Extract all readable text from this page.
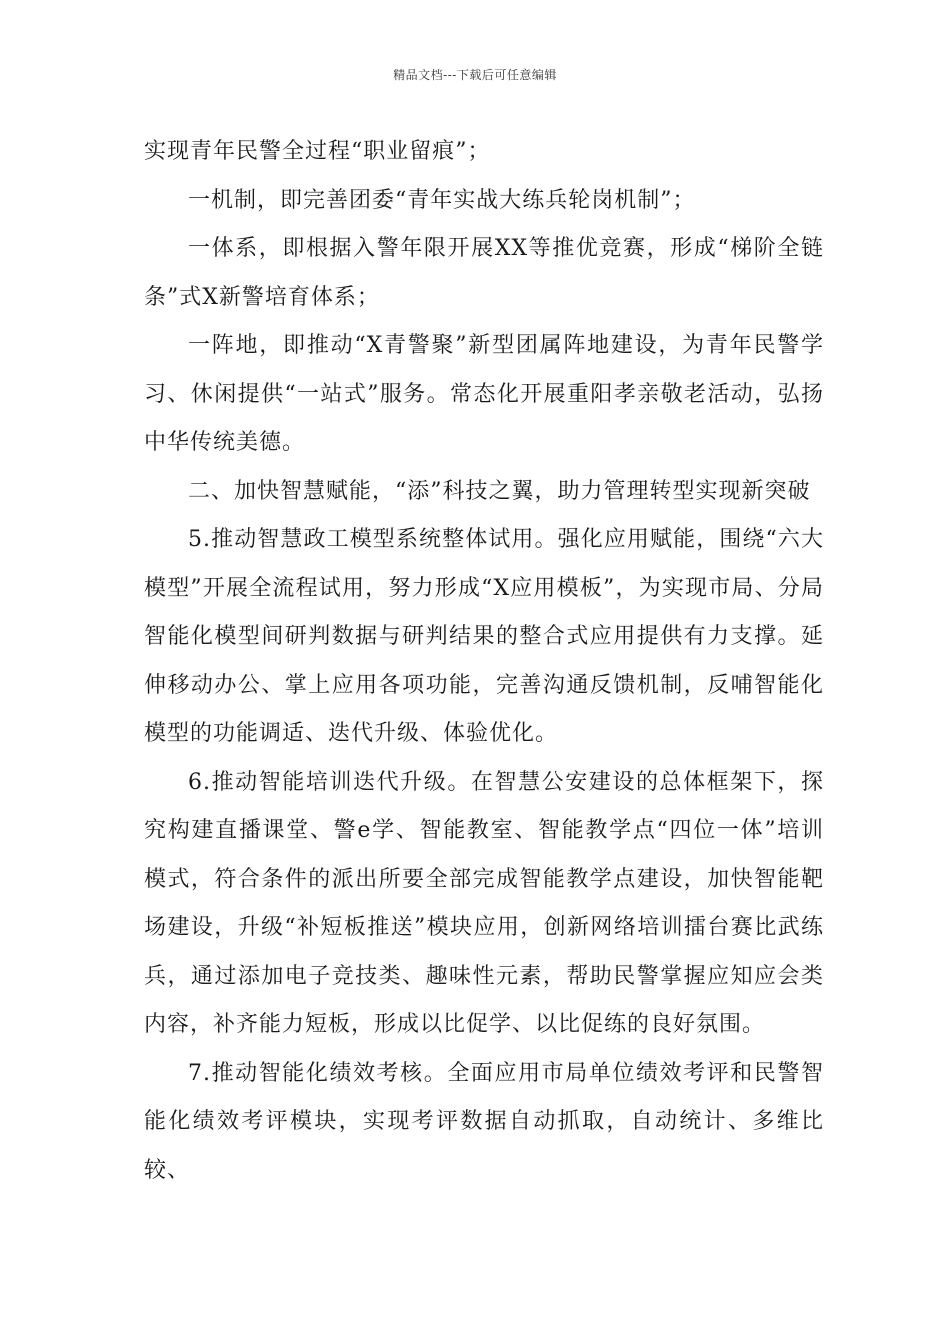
精品文档---下载后可任意编辑

实现青年民警全过程“职业留痕”；

一机制，即完善团委“青年实战大练兵轮岗机制”；

一体系，即根据入警年限开展XX等推优竞赛，形成“梯阶全链条”式X新警培育体系；

一阵地，即推动“X青警聚”新型团属阵地建设，为青年民警学习、休闲提供“一站式”服务。常态化开展重阳孝亲敬老活动，弘扬中华传统美德。

二、加快智慧赋能，“添”科技之翼，助力管理转型实现新突破

5.推动智慧政工模型系统整体试用。强化应用赋能，围绕“六大模型”开展全流程试用，努力形成“X应用模板”，为实现市局、分局智能化模型间研判数据与研判结果的整合式应用提供有力支撑。延伸移动办公、掌上应用各项功能，完善沟通反馈机制，反哺智能化模型的功能调适、迭代升级、体验优化。

6.推动智能培训迭代升级。在智慧公安建设的总体框架下，探究构建直播课堂、警e学、智能教室、智能教学点“四位一体”培训模式，符合条件的派出所要全部完成智能教学点建设，加快智能靶场建设，升级“补短板推送”模块应用，创新网络培训擂台赛比武练兵，通过添加电子竞技类、趣味性元素，帮助民警掌握应知应会类内容，补齐能力短板，形成以比促学、以比促练的良好氛围。

7.推动智能化绩效考核。全面应用市局单位绩效考评和民警智能化绩效考评模块，实现考评数据自动抓取，自动统计、多维比较、
